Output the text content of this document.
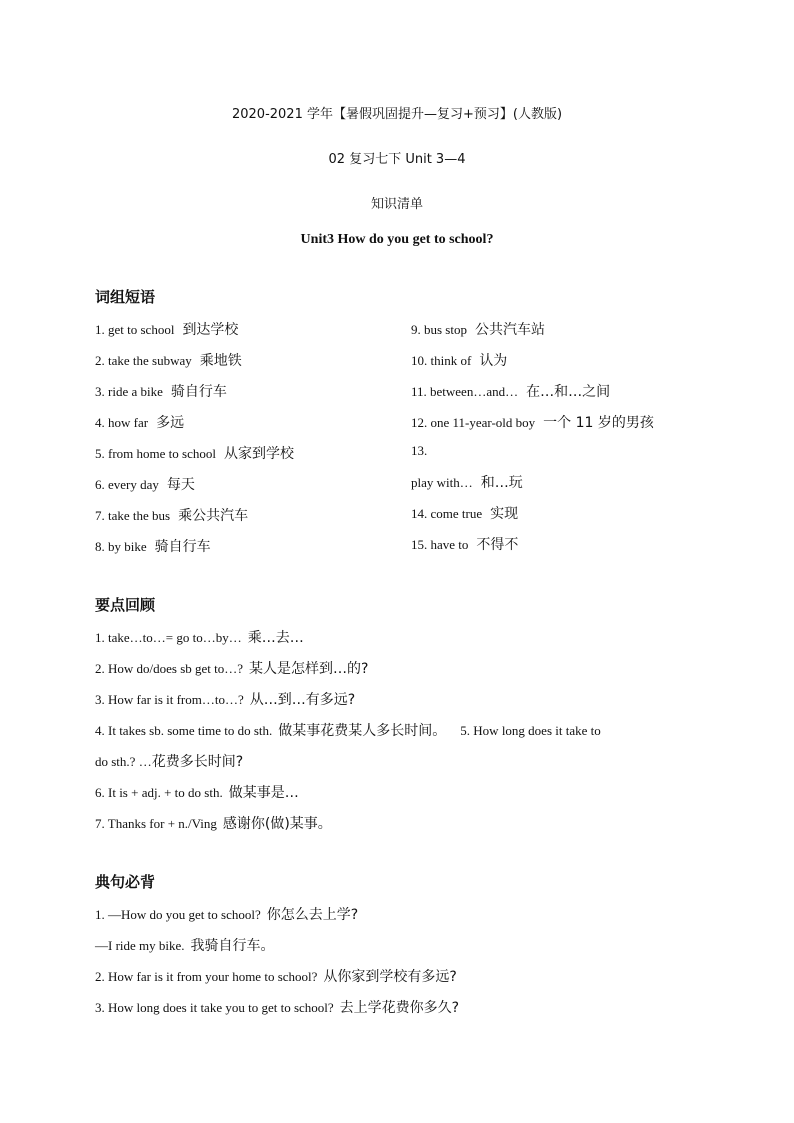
2020-2021 学年【暑假巩固提升—复习+预习】(人教版)
02 复习七下 Unit 3—4
知识清单
Unit3 How do you get to school?
词组短语
1. get to school 到达学校
2. take the subway 乘地铁
3. ride a bike 骑自行车
4. how far 多远
5. from home to school 从家到学校
6. every day 每天
7. take the bus 乘公共汽车
8. by bike 骑自行车
9. bus stop 公共汽车站
10. think of 认为
11. between…and… 在…和…之间
12. one 11-year-old boy 一个 11 岁的男孩
13.
play with… 和…玩
14. come true 实现
15. have to 不得不
要点回顾
1. take…to…= go to…by… 乘…去…
2. How do/does sb get to…? 某人是怎样到…的?
3. How far is it from…to…? 从…到…有多远?
4. It takes sb. some time to do sth. 做某事花费某人多长时间。 5. How long does it take to
do sth.? …花费多长时间?
6. It is + adj. + to do sth. 做某事是…
7. Thanks for + n./Ving 感谢你(做)某事。
典句必背
1. —How do you get to school? 你怎么去上学?
—I ride my bike. 我骑自行车。
2. How far is it from your home to school? 从你家到学校有多远?
3. How long does it take you to get to school? 去上学花费你多久?
